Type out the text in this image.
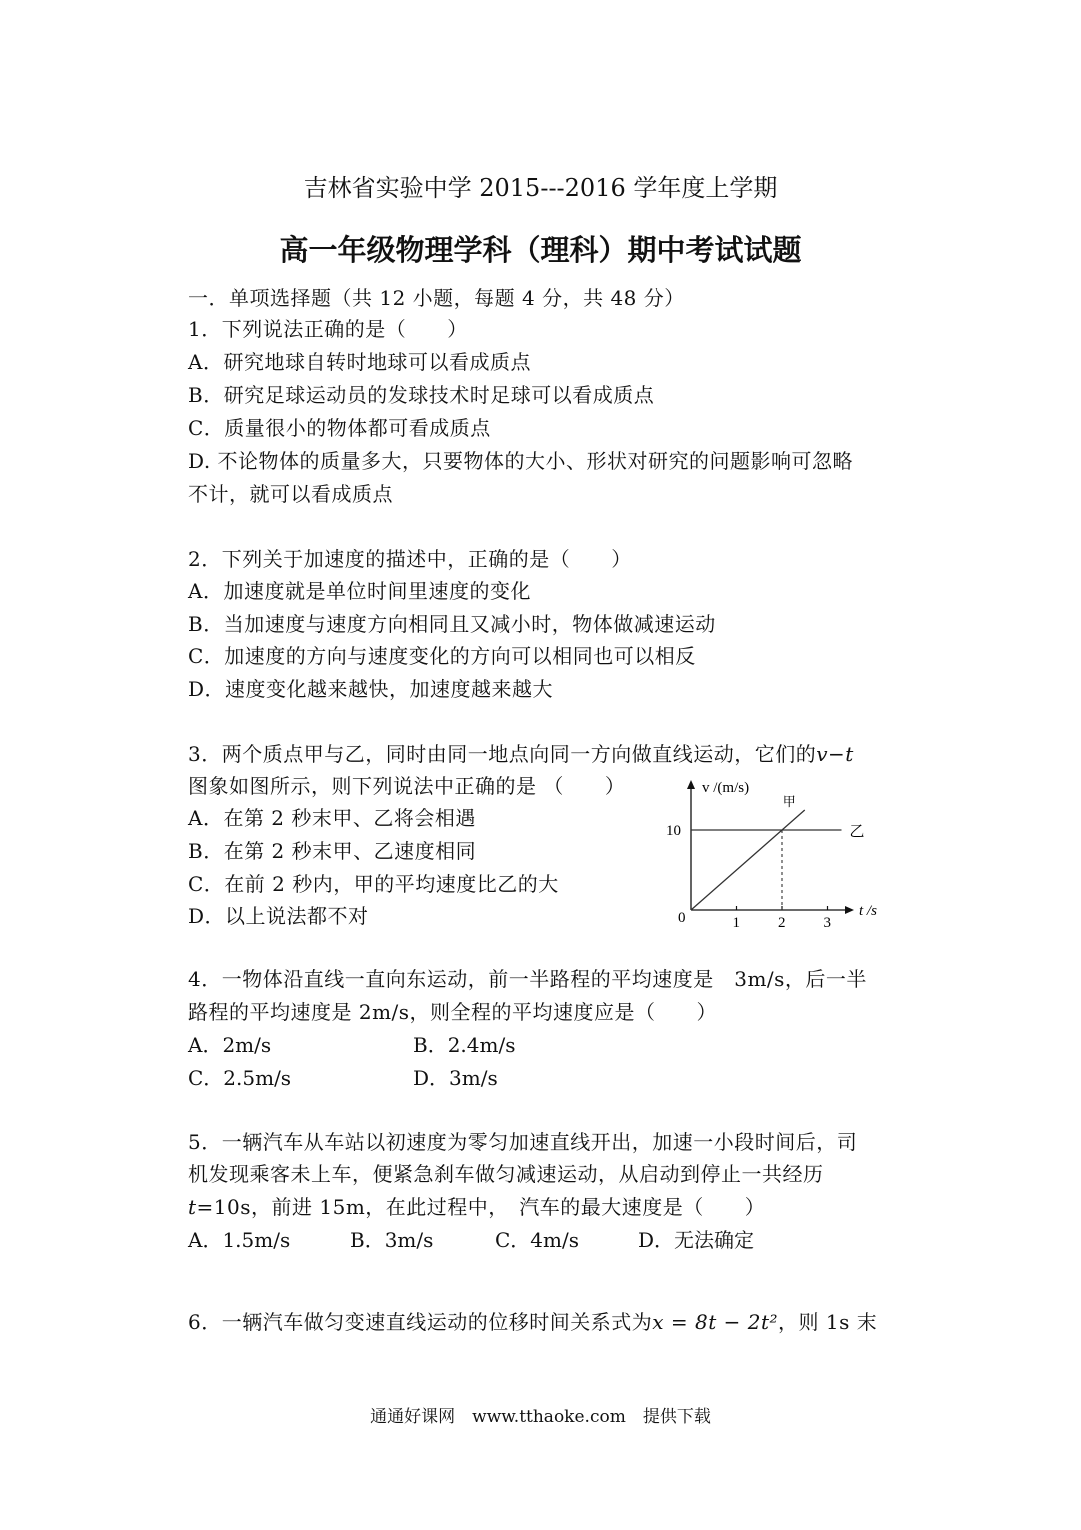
吉林省实验中学 2015---2016 学年度上学期
高一年级物理学科（理科）期中考试试题
一．单项选择题（共 12 小题，每题 4 分，共 48 分）
1．下列说法正确的是（　　）
A．研究地球自转时地球可以看成质点
B．研究足球运动员的发球技术时足球可以看成质点
C．质量很小的物体都可看成质点
D. 不论物体的质量多大，只要物体的大小、形状对研究的问题影响可忽略
不计，就可以看成质点
2．下列关于加速度的描述中，正确的是（　　）
A．加速度就是单位时间里速度的变化
B．当加速度与速度方向相同且又减小时，物体做减速运动
C．加速度的方向与速度变化的方向可以相同也可以相反
D．速度变化越来越快，加速度越来越大
3．两个质点甲与乙，同时由同一地点向同一方向做直线运动，它们的v−t
图象如图所示，则下列说法中正确的是 （　　）
A．在第 2 秒末甲、乙将会相遇
B．在第 2 秒末甲、乙速度相同
C．在前 2 秒内，甲的平均速度比乙的大
D．以上说法都不对
v /(m/s)
t /s
0	1	2	3
10	乙
甲
4．一物体沿直线一直向东运动，前一半路程的平均速度是　3m/s，后一半
路程的平均速度是 2m/s，则全程的平均速度应是（　　）
A．2m/s	B．2.4m/s
C．2.5m/s	D．3m/s
5．一辆汽车从车站以初速度为零匀加速直线开出，加速一小段时间后，司
机发现乘客未上车，便紧急刹车做匀减速运动，从启动到停止一共经历
t=10s，前进 15m，在此过程中，　汽车的最大速度是（　　）
A．1.5m/s	B．3m/s	C．4m/s	D．无法确定
6．一辆汽车做匀变速直线运动的位移时间关系式为x = 8t − 2t²，则 1s 末
通通好课网　www.tthaoke.com　提供下载
